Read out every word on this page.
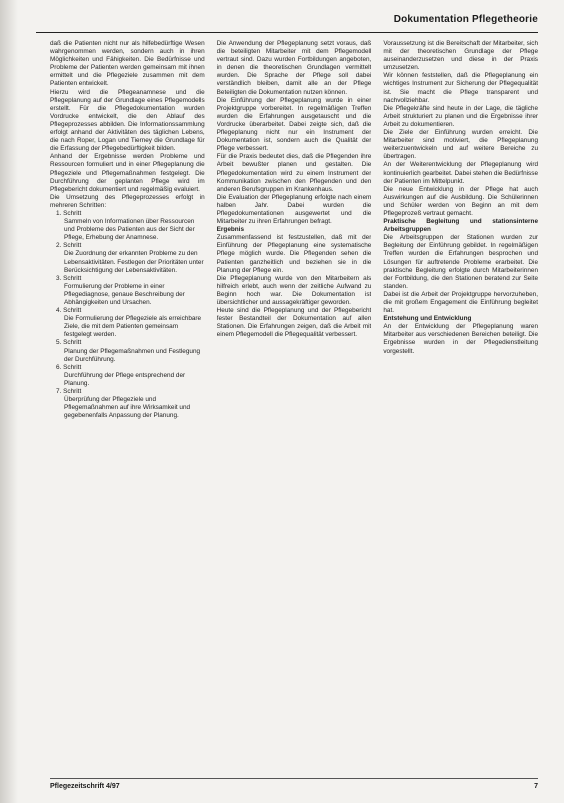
Dokumentation Pflegetheorie

daß die Patienten nicht nur als hilfebedürftige Wesen wahrgenommen werden, sondern auch in ihren Möglichkeiten und Fähigkeiten. Die Bedürfnisse und Probleme der Patienten werden gemeinsam mit ihnen ermittelt und die Pflegeziele zusammen mit dem Patienten entwickelt.

Hierzu wird die Pflegeanamnese und die Pflegeplanung auf der Grundlage eines Pflegemodells erstellt. Für die Pflegedokumentation wurden Vordrucke entwickelt, die den Ablauf des Pflegeprozesses abbilden. Die Informationssammlung erfolgt anhand der Aktivitäten des täglichen Lebens, die nach Roper, Logan und Tierney die Grundlage für die Erfassung der Pflegebedürftigkeit bilden.

Anhand der Ergebnisse werden Probleme und Ressourcen formuliert und in einer Pflegeplanung die Pflegeziele und Pflegemaßnahmen festgelegt. Die Durchführung der geplanten Pflege wird im Pflegebericht dokumentiert und regelmäßig evaluiert.

Die Umsetzung des Pflegeprozesses erfolgt in mehreren Schritten:

1. Schritt

Sammeln von Informationen über Ressourcen und Probleme des Patienten aus der Sicht der Pflege, Erhebung der Anamnese.

2. Schritt

Die Zuordnung der erkannten Probleme zu den Lebensaktivitäten. Festlegen der Prioritäten unter Berücksichtigung der Lebensaktivitäten.

3. Schritt

Formulierung der Probleme in einer Pflegediagnose, genaue Beschreibung der Abhängigkeiten und Ursachen.

4. Schritt

Die Formulierung der Pflegeziele als erreichbare Ziele, die mit dem Patienten gemeinsam festgelegt werden.

5. Schritt

Planung der Pflegemaßnahmen und Festlegung der Durchführung.

6. Schritt

Durchführung der Pflege entsprechend der Planung.

7. Schritt

Überprüfung der Pflegeziele und Pflegemaßnahmen auf ihre Wirksamkeit und gegebenenfalls Anpassung der Planung.

Die Anwendung der Pflegeplanung setzt voraus, daß die beteiligten Mitarbeiter mit dem Pflegemodell vertraut sind. Dazu wurden Fortbildungen angeboten, in denen die theoretischen Grundlagen vermittelt wurden. Die Sprache der Pflege soll dabei verständlich bleiben, damit alle an der Pflege Beteiligten die Dokumentation nutzen können.

Die Einführung der Pflegeplanung wurde in einer Projektgruppe vorbereitet. In regelmäßigen Treffen wurden die Erfahrungen ausgetauscht und die Vordrucke überarbeitet. Dabei zeigte sich, daß die Pflegeplanung nicht nur ein Instrument der Dokumentation ist, sondern auch die Qualität der Pflege verbessert.

Für die Praxis bedeutet dies, daß die Pflegenden ihre Arbeit bewußter planen und gestalten. Die Pflegedokumentation wird zu einem Instrument der Kommunikation zwischen den Pflegenden und den anderen Berufsgruppen im Krankenhaus.

Die Evaluation der Pflegeplanung erfolgte nach einem halben Jahr. Dabei wurden die Pflegedokumentationen ausgewertet und die Mitarbeiter zu ihren Erfahrungen befragt.

Ergebnis

Zusammenfassend ist festzustellen, daß mit der Einführung der Pflegeplanung eine systematische Pflege möglich wurde. Die Pflegenden sehen die Patienten ganzheitlich und beziehen sie in die Planung der Pflege ein.

Die Pflegeplanung wurde von den Mitarbeitern als hilfreich erlebt, auch wenn der zeitliche Aufwand zu Beginn hoch war. Die Dokumentation ist übersichtlicher und aussagekräftiger geworden.

Heute sind die Pflegeplanung und der Pflegebericht fester Bestandteil der Dokumentation auf allen Stationen. Die Erfahrungen zeigen, daß die Arbeit mit einem Pflegemodell die Pflegequalität verbessert.

Voraussetzung ist die Bereitschaft der Mitarbeiter, sich mit der theoretischen Grundlage der Pflege auseinanderzusetzen und diese in der Praxis umzusetzen.

Wir können feststellen, daß die Pflegeplanung ein wichtiges Instrument zur Sicherung der Pflegequalität ist. Sie macht die Pflege transparent und nachvollziehbar.

Die Pflegekräfte sind heute in der Lage, die tägliche Arbeit strukturiert zu planen und die Ergebnisse ihrer Arbeit zu dokumentieren.

Die Ziele der Einführung wurden erreicht. Die Mitarbeiter sind motiviert, die Pflegeplanung weiterzuentwickeln und auf weitere Bereiche zu übertragen.

An der Weiterentwicklung der Pflegeplanung wird kontinuierlich gearbeitet. Dabei stehen die Bedürfnisse der Patienten im Mittelpunkt.

Die neue Entwicklung in der Pflege hat auch Auswirkungen auf die Ausbildung. Die Schülerinnen und Schüler werden von Beginn an mit dem Pflegeprozeß vertraut gemacht.

Praktische Begleitung und stationsinterne Arbeitsgruppen

Die Arbeitsgruppen der Stationen wurden zur Begleitung der Einführung gebildet. In regelmäßigen Treffen wurden die Erfahrungen besprochen und Lösungen für auftretende Probleme erarbeitet. Die praktische Begleitung erfolgte durch Mitarbeiterinnen der Fortbildung, die den Stationen beratend zur Seite standen.

Dabei ist die Arbeit der Projektgruppe hervorzuheben, die mit großem Engagement die Einführung begleitet hat.

Entstehung und Entwicklung

An der Entwicklung der Pflegeplanung waren Mitarbeiter aus verschiedenen Bereichen beteiligt. Die Ergebnisse wurden in der Pflegedienstleitung vorgestellt.

Pflegezeitschrift 4/97	7
